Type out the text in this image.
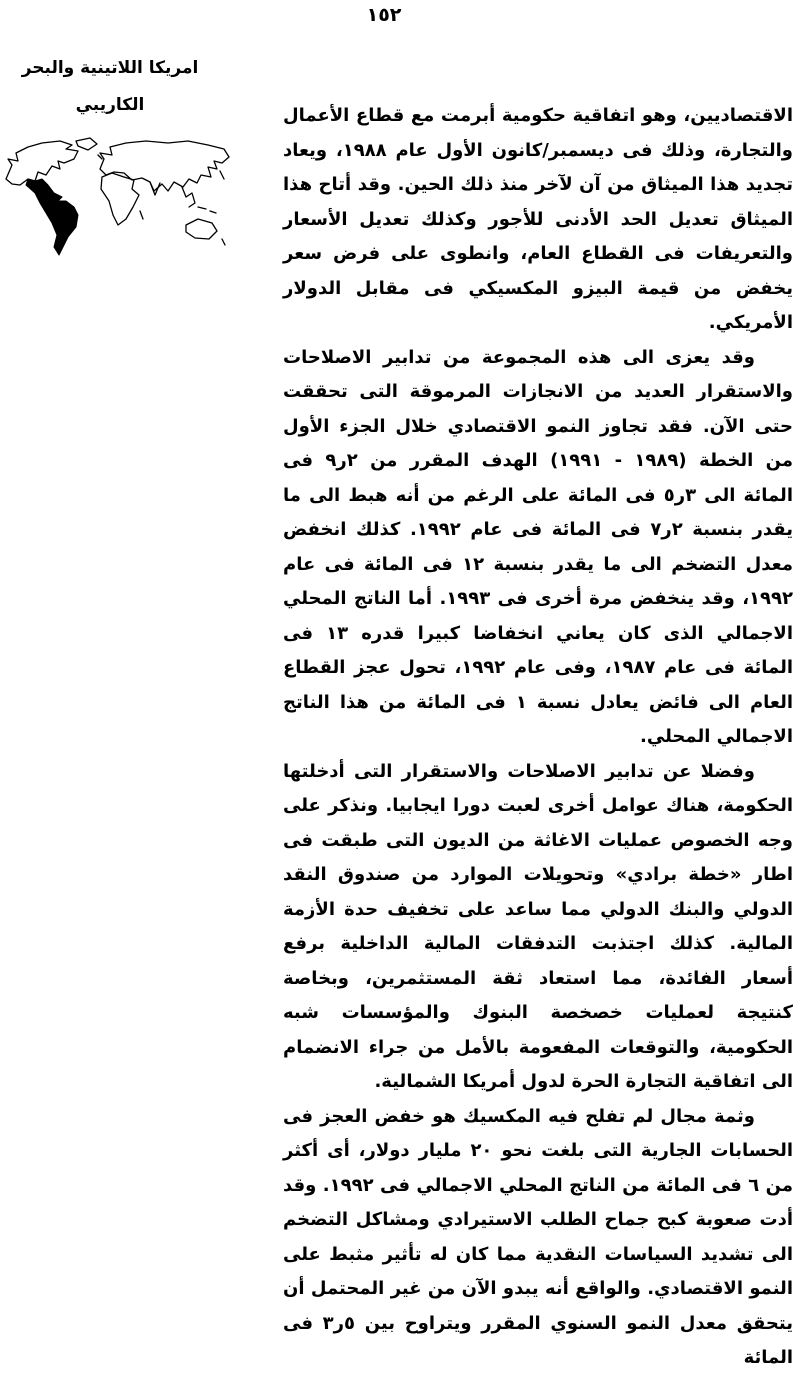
١٥٢
امريكا اللاتينية والبحر الكاريبي

الاقتصاديين، وهو اتفاقية حكومية أبرمت مع قطاع الأعمال والتجارة، وذلك فى ديسمبر/كانون الأول عام ١٩٨٨، ويعاد تجديد هذا الميثاق من آن لآخر منذ ذلك الحين. وقد أتاح هذا الميثاق تعديل الحد الأدنى للأجور وكذلك تعديل الأسعار والتعريفات فى القطاع العام، وانطوى على فرض سعر يخفض من قيمة البيزو المكسيكي فى مقابل الدولار الأمريكي.

وقد يعزى الى هذه المجموعة من تدابير الاصلاحات والاستقرار العديد من الانجازات المرموقة التى تحققت حتى الآن. فقد تجاوز النمو الاقتصادي خلال الجزء الأول من الخطة (١٩٨٩ - ١٩٩١) الهدف المقرر من ٢ر٩ فى المائة الى ٣ر٥ فى المائة على الرغم من أنه هبط الى ما يقدر بنسبة ٢ر٧ فى المائة فى عام ١٩٩٢. كذلك انخفض معدل التضخم الى ما يقدر بنسبة ١٢ فى المائة فى عام ١٩٩٢، وقد ينخفض مرة أخرى فى ١٩٩٣. أما الناتج المحلي الاجمالي الذى كان يعاني انخفاضا كبيرا قدره ١٣ فى المائة فى عام ١٩٨٧، وفى عام ١٩٩٢، تحول عجز القطاع العام الى فائض يعادل نسبة ١ فى المائة من هذا الناتج الاجمالي المحلي.

وفضلا عن تدابير الاصلاحات والاستقرار التى أدخلتها الحكومة، هناك عوامل أخرى لعبت دورا ايجابيا. ونذكر على وجه الخصوص عمليات الاغاثة من الديون التى طبقت فى اطار «خطة برادي» وتحويلات الموارد من صندوق النقد الدولي والبنك الدولي مما ساعد على تخفيف حدة الأزمة المالية. كذلك اجتذبت التدفقات المالية الداخلية برفع أسعار الفائدة، مما استعاد ثقة المستثمرين، وبخاصة كنتيجة لعمليات خصخصة البنوك والمؤسسات شبه الحكومية، والتوقعات المفعومة بالأمل من جراء الانضمام الى اتفاقية التجارة الحرة لدول أمريكا الشمالية.

وثمة مجال لم تفلح فيه المكسيك هو خفض العجز فى الحسابات الجارية التى بلغت نحو ٢٠ مليار دولار، أى أكثر من ٦ فى المائة من الناتج المحلي الاجمالي فى ١٩٩٢. وقد أدت صعوبة كبح جماح الطلب الاستيرادي ومشاكل التضخم الى تشديد السياسات النقدية مما كان له تأثير مثبط على النمو الاقتصادي. والواقع أنه يبدو الآن من غير المحتمل أن يتحقق معدل النمو السنوي المقرر ويتراوح بين ٥ر٣ فى المائة
